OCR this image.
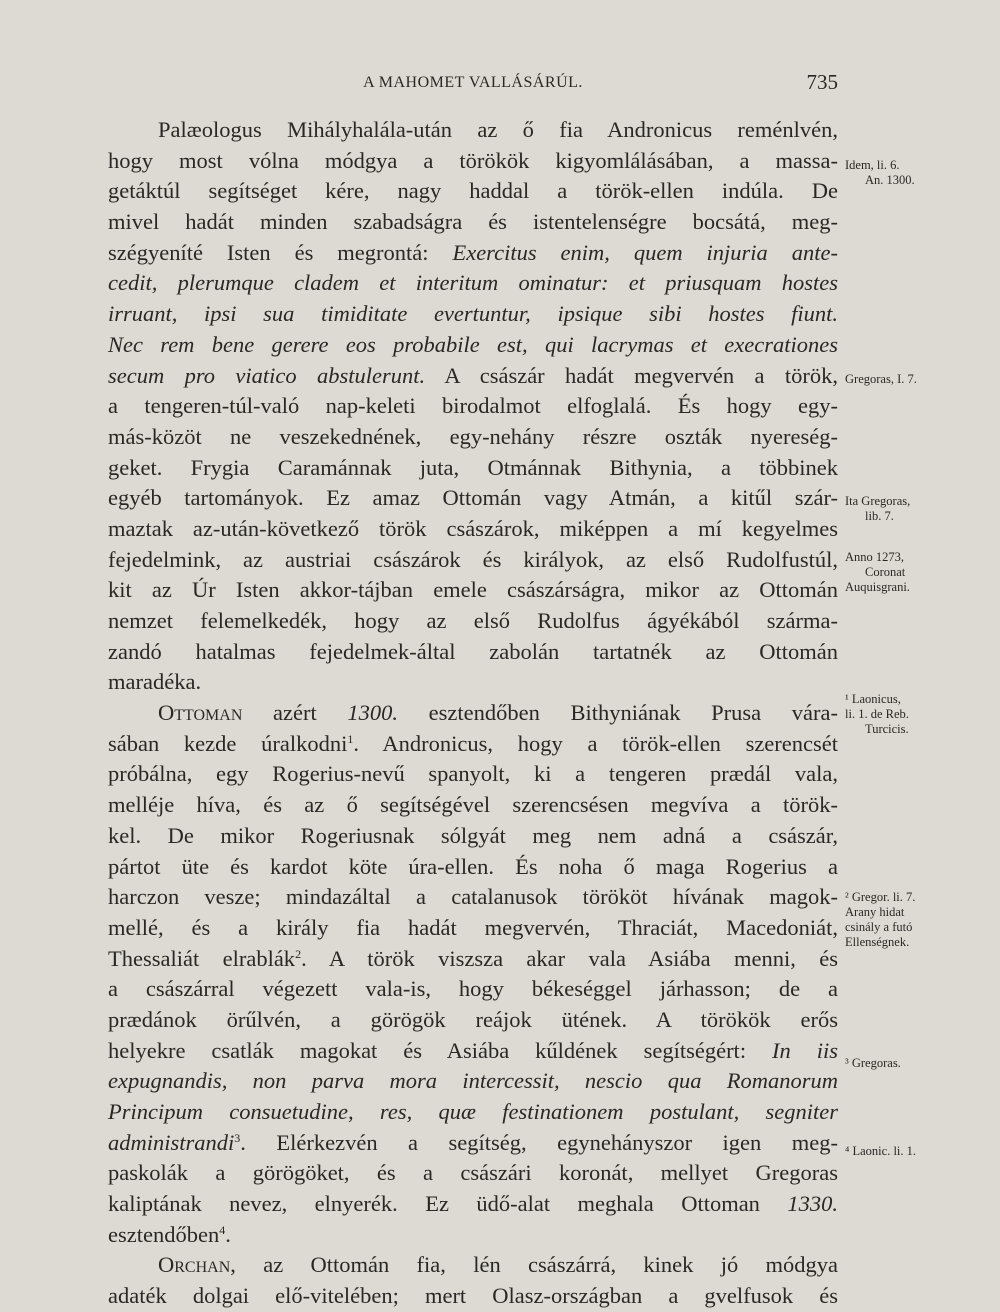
A MAHOMET VALLÁSÁRÚL.	735
Palæologus Mihályhalála-után az ő fia Andronicus reménlvén,
hogy most vólna módgya a törökök kigyomlálásában, a massa-
getáktúl segítséget kére, nagy haddal a török-ellen indúla. De
mivel hadát minden szabadságra és istentelenségre bocsátá, meg-
szégyeníté Isten és megrontá: Exercitus enim, quem injuria ante-
cedit, plerumque cladem et interitum ominatur: et priusquam hostes
irruant, ipsi sua timiditate evertuntur, ipsique sibi hostes fiunt.
Nec rem bene gerere eos probabile est, qui lacrymas et execrationes
secum pro viatico abstulerunt. A császár hadát megvervén a török,
a tengeren-túl-való nap-keleti birodalmot elfoglalá. És hogy egy-
más-közöt ne veszekednének, egy-nehány részre oszták nyereség-
geket. Frygia Caramánnak juta, Otmánnak Bithynia, a többinek
egyéb tartományok. Ez amaz Ottomán vagy Atmán, a kitűl szár-
maztak az-után-következő török császárok, miképpen a mí kegyelmes
fejedelmink, az austriai császárok és királyok, az első Rudolfustúl,
kit az Úr Isten akkor-tájban emele császárságra, mikor az Ottomán
nemzet felemelkedék, hogy az első Rudolfus ágyékából szárma-
zandó hatalmas fejedelmek-által zabolán tartatnék az Ottomán
maradéka.
Ottoman azért 1300. esztendőben Bithyniának Prusa vára-
sában kezde úralkodni$^1$. Andronicus, hogy a török-ellen szerencsét
próbálna, egy Rogerius-nevű spanyolt, ki a tengeren prædál vala,
melléje híva, és az ő segítségével szerencsésen megvíva a török-
kel. De mikor Rogeriusnak sólgyát meg nem adná a császár,
pártot üte és kardot köte úra-ellen. És noha ő maga Rogerius a
harczon vesze; mindazáltal a catalanusok törököt hívának magok-
mellé, és a király fia hadát megvervén, Thraciát, Macedoniát,
Thessaliát elrablák$^2$. A török viszsza akar vala Asiába menni, és
a császárral végezett vala-is, hogy békeséggel járhasson; de a
prædánok örűlvén, a görögök reájok ütének. A törökök erős
helyekre csatlák magokat és Asiába kűldének segítségért: In iis
expugnandis, non parva mora intercessit, nescio qua Romanorum
Principum consuetudine, res, quæ festinationem postulant, segniter
administrandi$^3$. Elérkezvén a segítség, egynehányszor igen meg-
paskolák a görögöket, és a császári koronát, mellyet Gregoras
kaliptának nevez, elnyerék. Ez üdő-alat meghala Ottoman 1330.
esztendőben$^4$.
Orchan, az Ottomán fia, lén császárrá, kinek jó módgya
adaték dolgai elő-vitelében; mert Olasz-országban a gvelfusok és
Idem, li. 6.
An. 1300.
Gregoras, I. 7.
Ita Gregoras,
lib. 7.
Anno 1273,
Coronat
Auquisgrani.
¹ Laonicus,
li. 1. de Reb.
Turcicis.
² Gregor. li. 7.
Arany hidat
csinály a futó
Ellenségnek.
³ Gregoras.
⁴ Laonic. li. 1.
